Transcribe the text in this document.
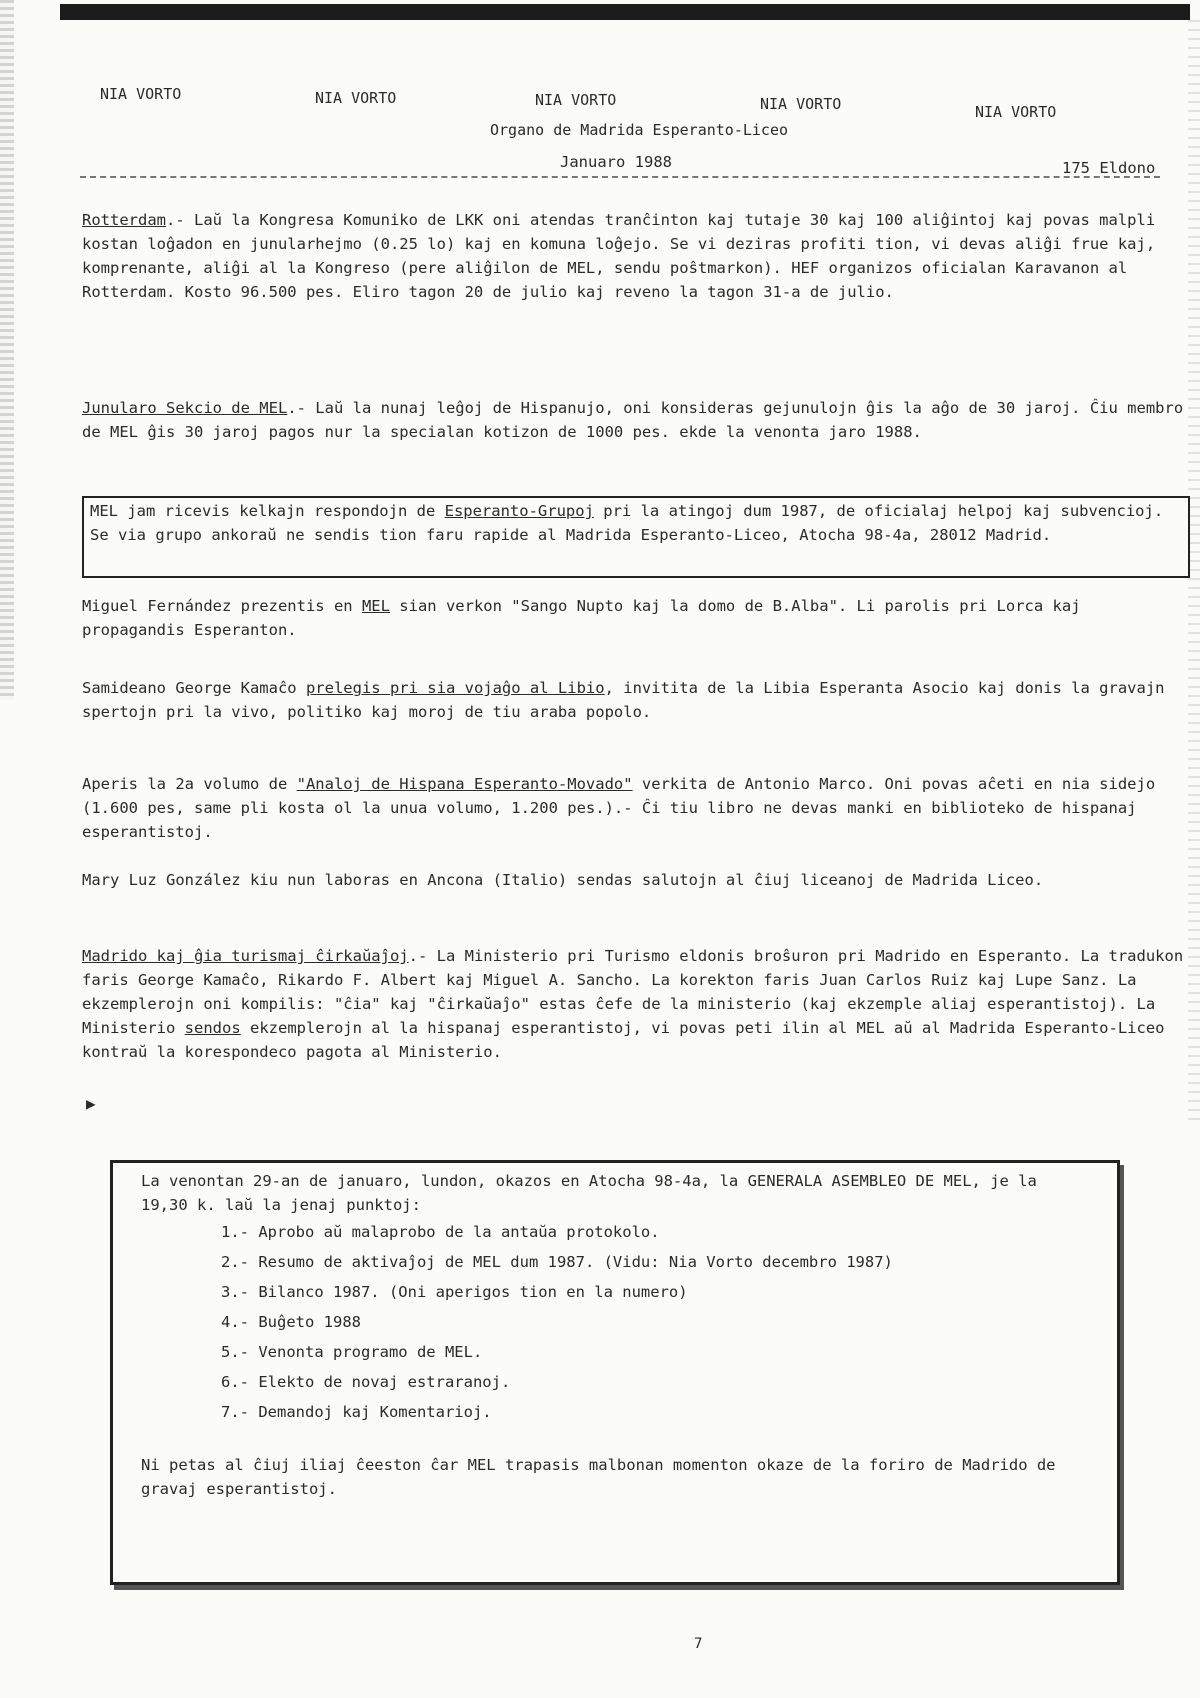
NIA VORTO	NIA VORTO	NIA VORTO	NIA VORTO	NIA VORTO
Organo de Madrida Esperanto-Liceo
Januaro 1988	175 Eldono
Rotterdam.- Laŭ la Kongresa Komuniko de LKK oni atendas tranĉinton kaj tutaje 30 kaj 100 aliĝintoj kaj povas malpli kostan loĝadon en junularhejmo (0.25 lo) kaj en komuna loĝejo. Se vi deziras profiti tion, vi devas aliĝi frue kaj, komprenante, aliĝi al la Kongreso (pere aliĝilon de MEL, sendu poŝtmarkon). HEF organizos oficialan Karavanon al Rotterdam. Kosto 96.500 pes. Eliro tagon 20 de julio kaj reveno la tagon 31-a de julio.
Junularo Sekcio de MEL.- Laŭ la nunaj leĝoj de Hispanujo, oni konsideras gejunulojn ĝis la aĝo de 30 jaroj. Ĉiu membro de MEL ĝis 30 jaroj pagos nur la specialan kotizon de 1000 pes. ekde la venonta jaro 1988.
MEL jam ricevis kelkajn respondojn de Esperanto-Grupoj pri la atingoj dum 1987, de oficialaj helpoj kaj subvencioj. Se via grupo ankoraŭ ne sendis tion faru rapide al Madrida Esperanto-Liceo, Atocha 98-4a, 28012 Madrid.
Miguel Fernández prezentis en MEL sian verkon "Sango Nupto kaj la domo de B.Alba". Li parolis pri Lorca kaj propagandis Esperanton.
Samideano George Kamaĉo prelegis pri sia vojaĝo al Libio, invitita de la Libia Esperanta Asocio kaj donis la gravajn spertojn pri la vivo, politiko kaj moroj de tiu araba popolo.
Aperis la 2a volumo de "Analoj de Hispana Esperanto-Movado" verkita de Antonio Marco. Oni povas aĉeti en nia sidejo (1.600 pes, same pli kosta ol la unua volumo, 1.200 pes.).- Ĉi tiu libro ne devas manki en biblioteko de hispanaj esperantistoj.
Mary Luz González kiu nun laboras en Ancona (Italio) sendas salutojn al ĉiuj liceanoj de Madrida Liceo.
Madrido kaj ĝia turismaj ĉirkaŭaĵoj.- La Ministerio pri Turismo eldonis broŝuron pri Madrido en Esperanto. La tradukon faris George Kamaĉo, Rikardo F. Albert kaj Miguel A. Sancho. La korekton faris Juan Carlos Ruiz kaj Lupe Sanz. La ekzemplerojn oni kompilis: "ĉia" kaj "ĉirkaŭaĵo" estas ĉefe de la ministerio (kaj ekzemple aliaj esperantistoj). La Ministerio sendos ekzemplerojn al la hispanaj esperantistoj, vi povas peti ilin al MEL aŭ al Madrida Esperanto-Liceo kontraŭ la korespondeco pagota al Ministerio.
▶
La venontan 29-an de januaro, lundon, okazos en Atocha 98-4a, la GENERALA ASEMBLEO DE MEL, je la 19,30 k. laŭ la jenaj punktoj:
1.- Aprobo aŭ malaprobo de la antaŭa protokolo.
2.- Resumo de aktivaĵoj de MEL dum 1987. (Vidu: Nia Vorto decembro 1987)
3.- Bilanco 1987. (Oni aperigos tion en la numero)
4.- Buĝeto 1988
5.- Venonta programo de MEL.
6.- Elekto de novaj estraranoj.
7.- Demandoj kaj Komentarioj.
Ni petas al ĉiuj iliaj ĉeeston ĉar MEL trapasis malbonan momenton okaze de la foriro de Madrido de gravaj esperantistoj.
7
